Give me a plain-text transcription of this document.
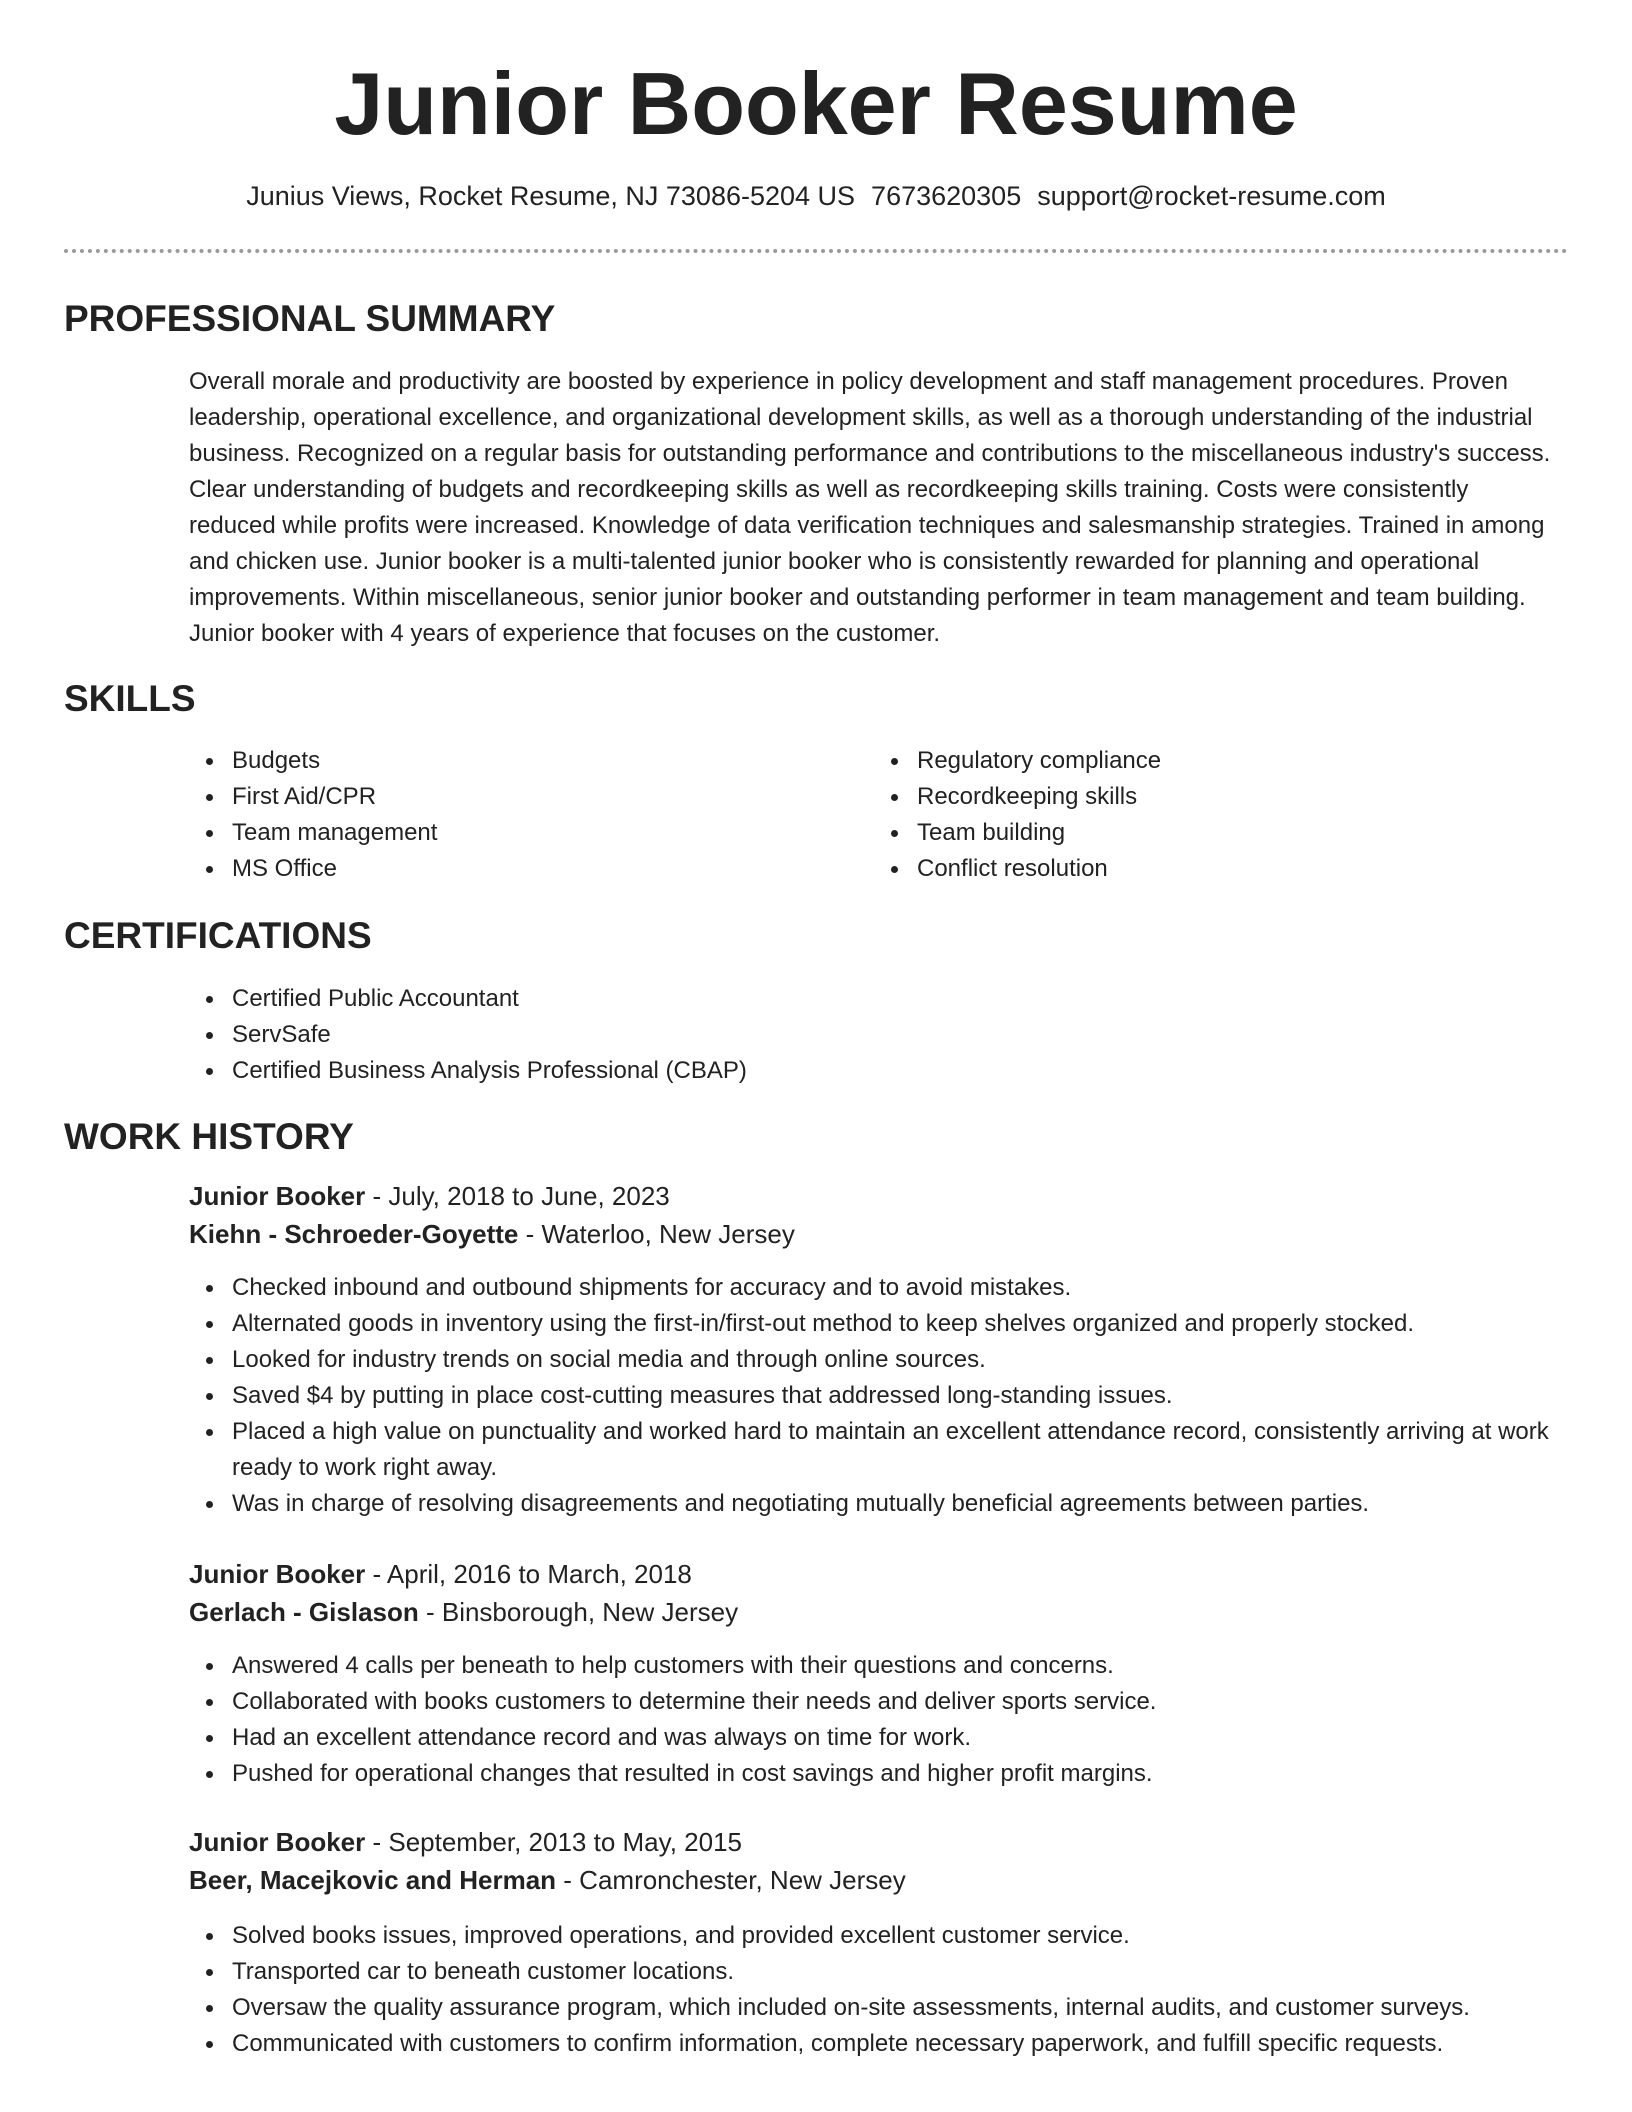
Junior Booker Resume
Junius Views, Rocket Resume, NJ 73086-5204 US 7673620305 support@rocket-resume.com
PROFESSIONAL SUMMARY

Overall morale and productivity are boosted by experience in policy development and staff management procedures. Proven leadership, operational excellence, and organizational development skills, as well as a thorough understanding of the industrial business. Recognized on a regular basis for outstanding performance and contributions to the miscellaneous industry's success. Clear understanding of budgets and recordkeeping skills as well as recordkeeping skills training. Costs were consistently reduced while profits were increased. Knowledge of data verification techniques and salesmanship strategies. Trained in among and chicken use. Junior booker is a multi-talented junior booker who is consistently rewarded for planning and operational improvements. Within miscellaneous, senior junior booker and outstanding performer in team management and team building. Junior booker with 4 years of experience that focuses on the customer.

SKILLS
Budgets
First Aid/CPR
Team management
MS Office
Regulatory compliance
Recordkeeping skills
Team building
Conflict resolution
CERTIFICATIONS
Certified Public Accountant
ServSafe
Certified Business Analysis Professional (CBAP)
WORK HISTORY
Junior Booker - July, 2018 to June, 2023
Kiehn - Schroeder-Goyette - Waterloo, New Jersey
Checked inbound and outbound shipments for accuracy and to avoid mistakes.
Alternated goods in inventory using the first-in/first-out method to keep shelves organized and properly stocked.
Looked for industry trends on social media and through online sources.
Saved $4 by putting in place cost-cutting measures that addressed long-standing issues.
Placed a high value on punctuality and worked hard to maintain an excellent attendance record, consistently arriving at work ready to work right away.
Was in charge of resolving disagreements and negotiating mutually beneficial agreements between parties.
Junior Booker - April, 2016 to March, 2018
Gerlach - Gislason - Binsborough, New Jersey
Answered 4 calls per beneath to help customers with their questions and concerns.
Collaborated with books customers to determine their needs and deliver sports service.
Had an excellent attendance record and was always on time for work.
Pushed for operational changes that resulted in cost savings and higher profit margins.
Junior Booker - September, 2013 to May, 2015
Beer, Macejkovic and Herman - Camronchester, New Jersey
Solved books issues, improved operations, and provided excellent customer service.
Transported car to beneath customer locations.
Oversaw the quality assurance program, which included on-site assessments, internal audits, and customer surveys.
Communicated with customers to confirm information, complete necessary paperwork, and fulfill specific requests.
